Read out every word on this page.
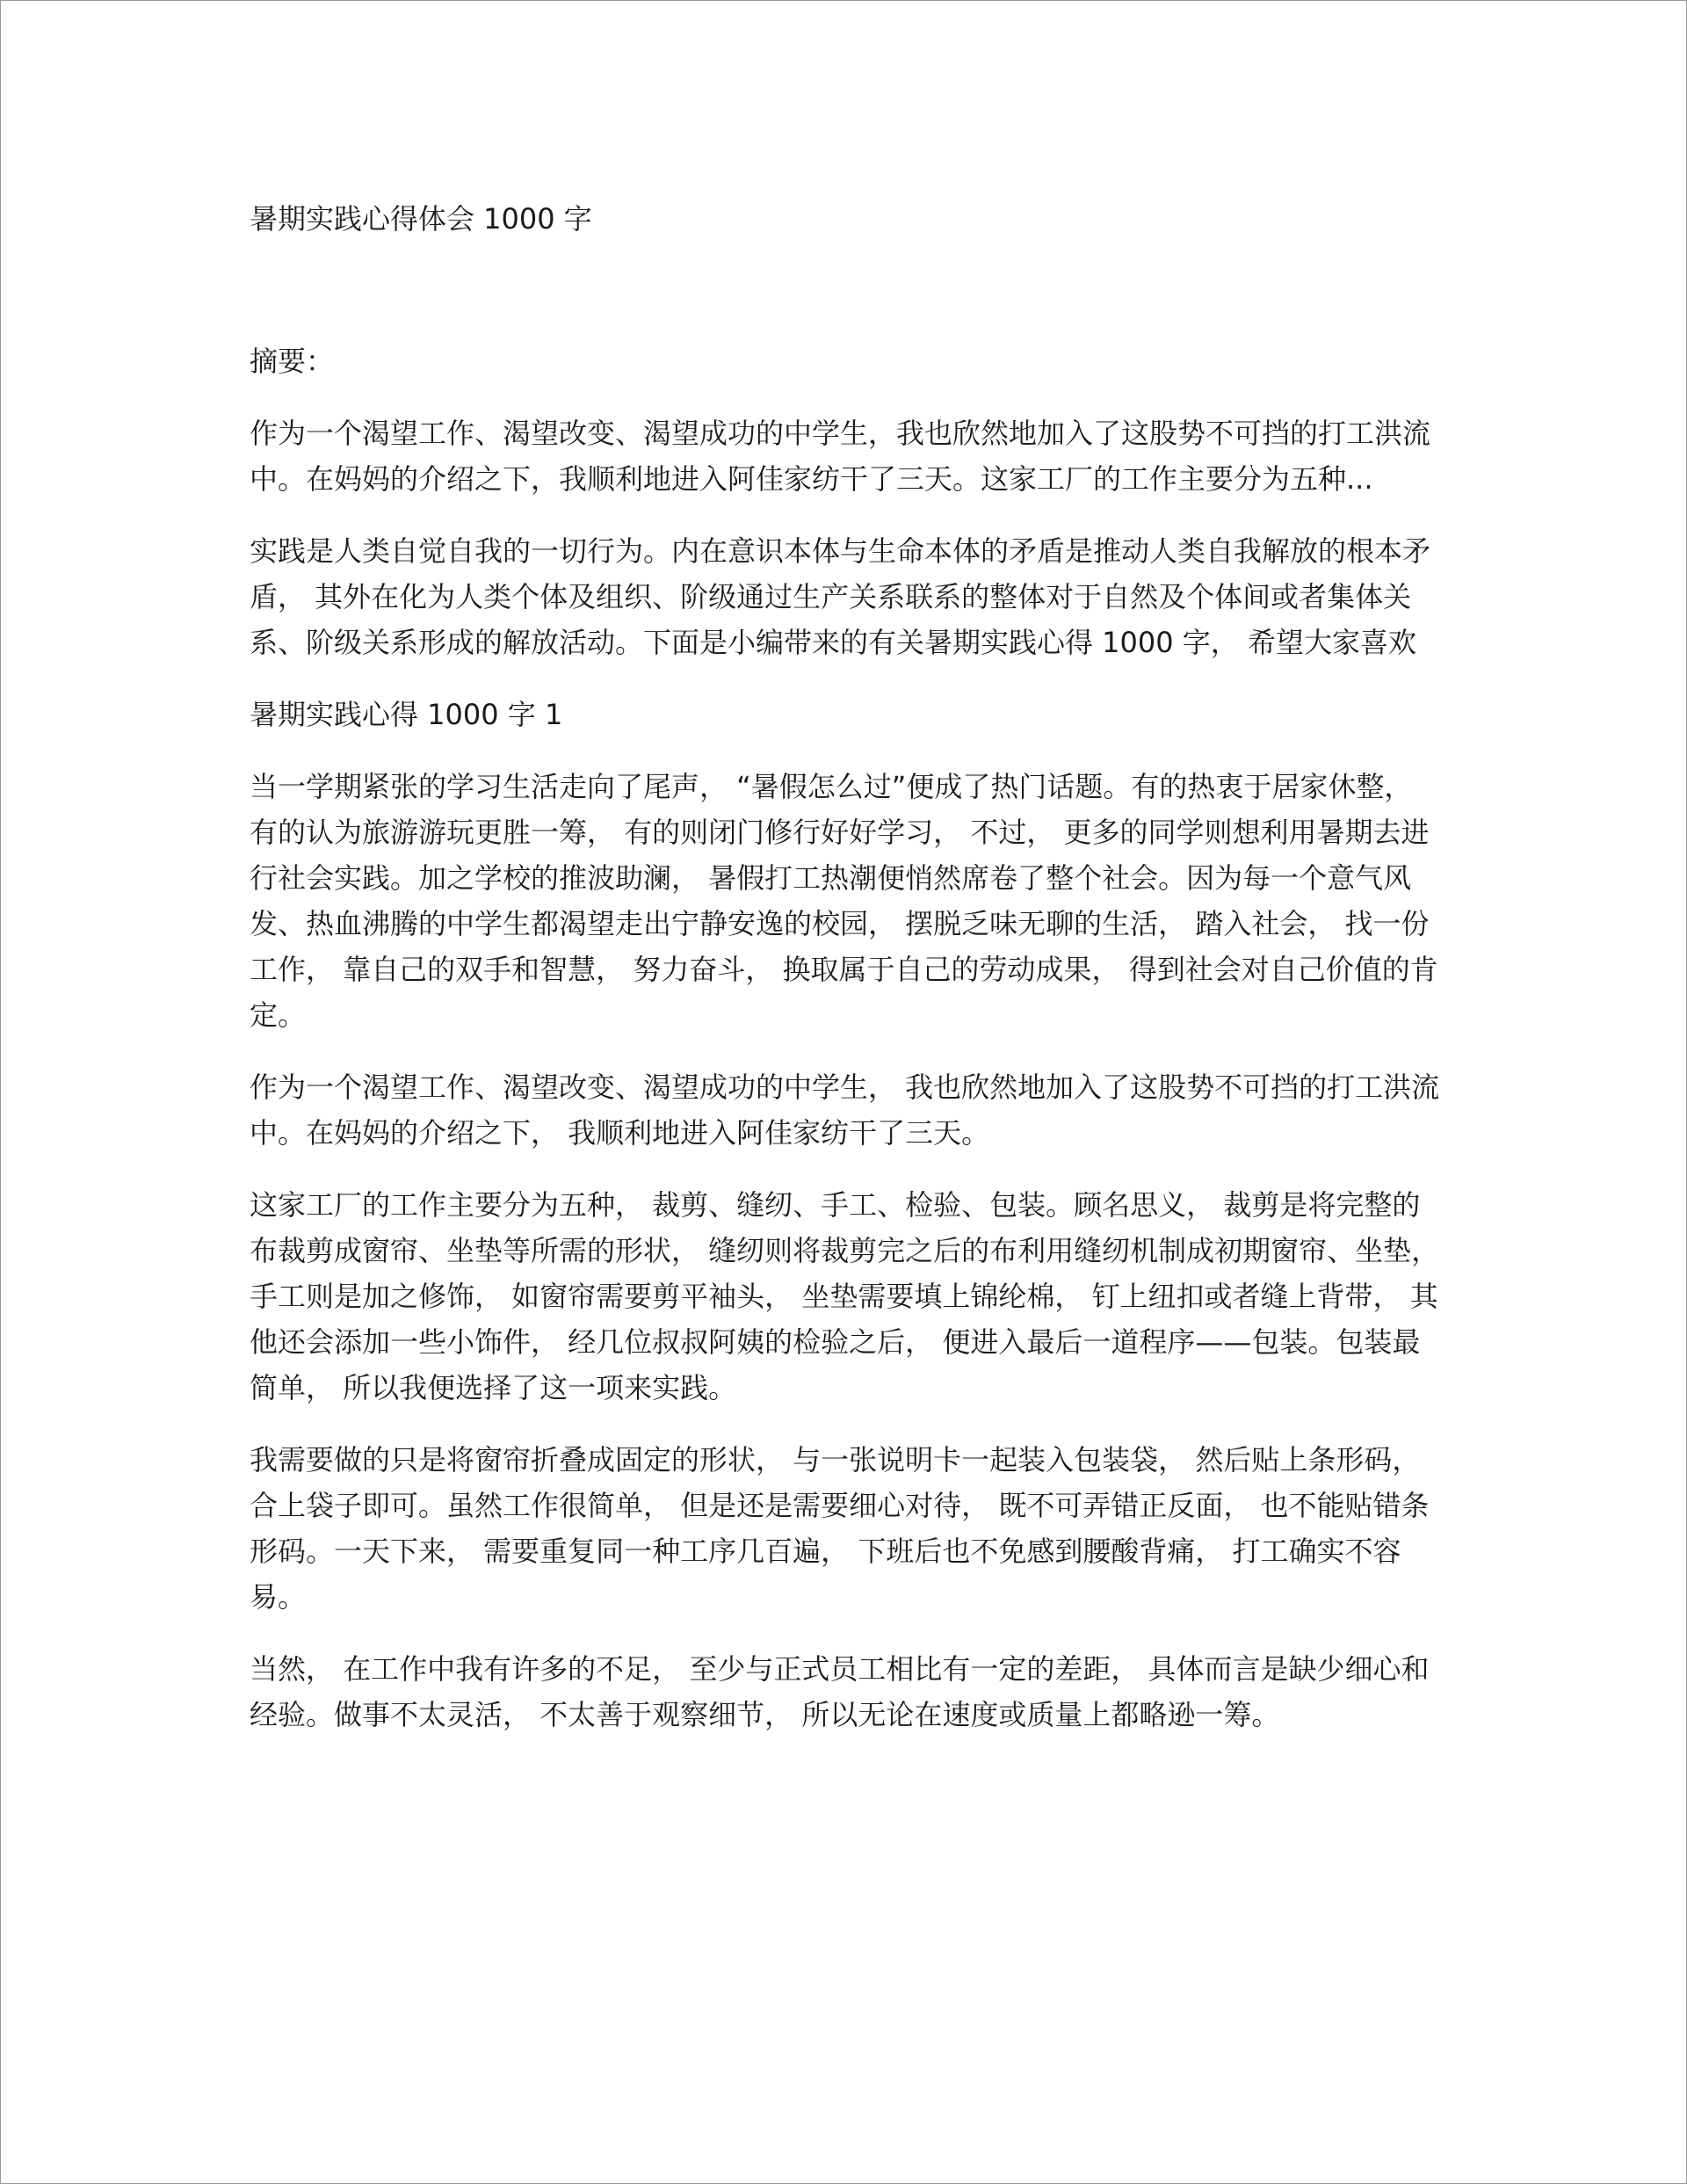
暑期实践心得体会 1000 字

摘要：

作为一个渴望工作、渴望改变、渴望成功的中学生，我也欣然地加入了这股势不可挡的打工洪流中。在妈妈的介绍之下，我顺利地进入阿佳家纺干了三天。这家工厂的工作主要分为五种...

实践是人类自觉自我的一切行为。内在意识本体与生命本体的矛盾是推动人类自我解放的根本矛盾， 其外在化为人类个体及组织、阶级通过生产关系联系的整体对于自然及个体间或者集体关系、阶级关系形成的解放活动。下面是小编带来的有关暑期实践心得 1000 字， 希望大家喜欢

暑期实践心得 1000 字 1

当一学期紧张的学习生活走向了尾声， “暑假怎么过”便成了热门话题。有的热衷于居家休整， 有的认为旅游游玩更胜一筹， 有的则闭门修行好好学习， 不过， 更多的同学则想利用暑期去进行社会实践。加之学校的推波助澜， 暑假打工热潮便悄然席卷了整个社会。因为每一个意气风发、热血沸腾的中学生都渴望走出宁静安逸的校园， 摆脱乏味无聊的生活， 踏入社会， 找一份工作， 靠自己的双手和智慧， 努力奋斗， 换取属于自己的劳动成果， 得到社会对自己价值的肯定。

作为一个渴望工作、渴望改变、渴望成功的中学生， 我也欣然地加入了这股势不可挡的打工洪流中。在妈妈的介绍之下， 我顺利地进入阿佳家纺干了三天。

这家工厂的工作主要分为五种， 裁剪、缝纫、手工、检验、包装。顾名思义， 裁剪是将完整的布裁剪成窗帘、坐垫等所需的形状， 缝纫则将裁剪完之后的布利用缝纫机制成初期窗帘、坐垫， 手工则是加之修饰， 如窗帘需要剪平袖头， 坐垫需要填上锦纶棉， 钉上纽扣或者缝上背带， 其他还会添加一些小饰件， 经几位叔叔阿姨的检验之后， 便进入最后一道程序——包装。包装最简单， 所以我便选择了这一项来实践。

我需要做的只是将窗帘折叠成固定的形状， 与一张说明卡一起装入包装袋， 然后贴上条形码， 合上袋子即可。虽然工作很简单， 但是还是需要细心对待， 既不可弄错正反面， 也不能贴错条形码。一天下来， 需要重复同一种工序几百遍， 下班后也不免感到腰酸背痛， 打工确实不容易。

当然， 在工作中我有许多的不足， 至少与正式员工相比有一定的差距， 具体而言是缺少细心和经验。做事不太灵活， 不太善于观察细节， 所以无论在速度或质量上都略逊一筹。
